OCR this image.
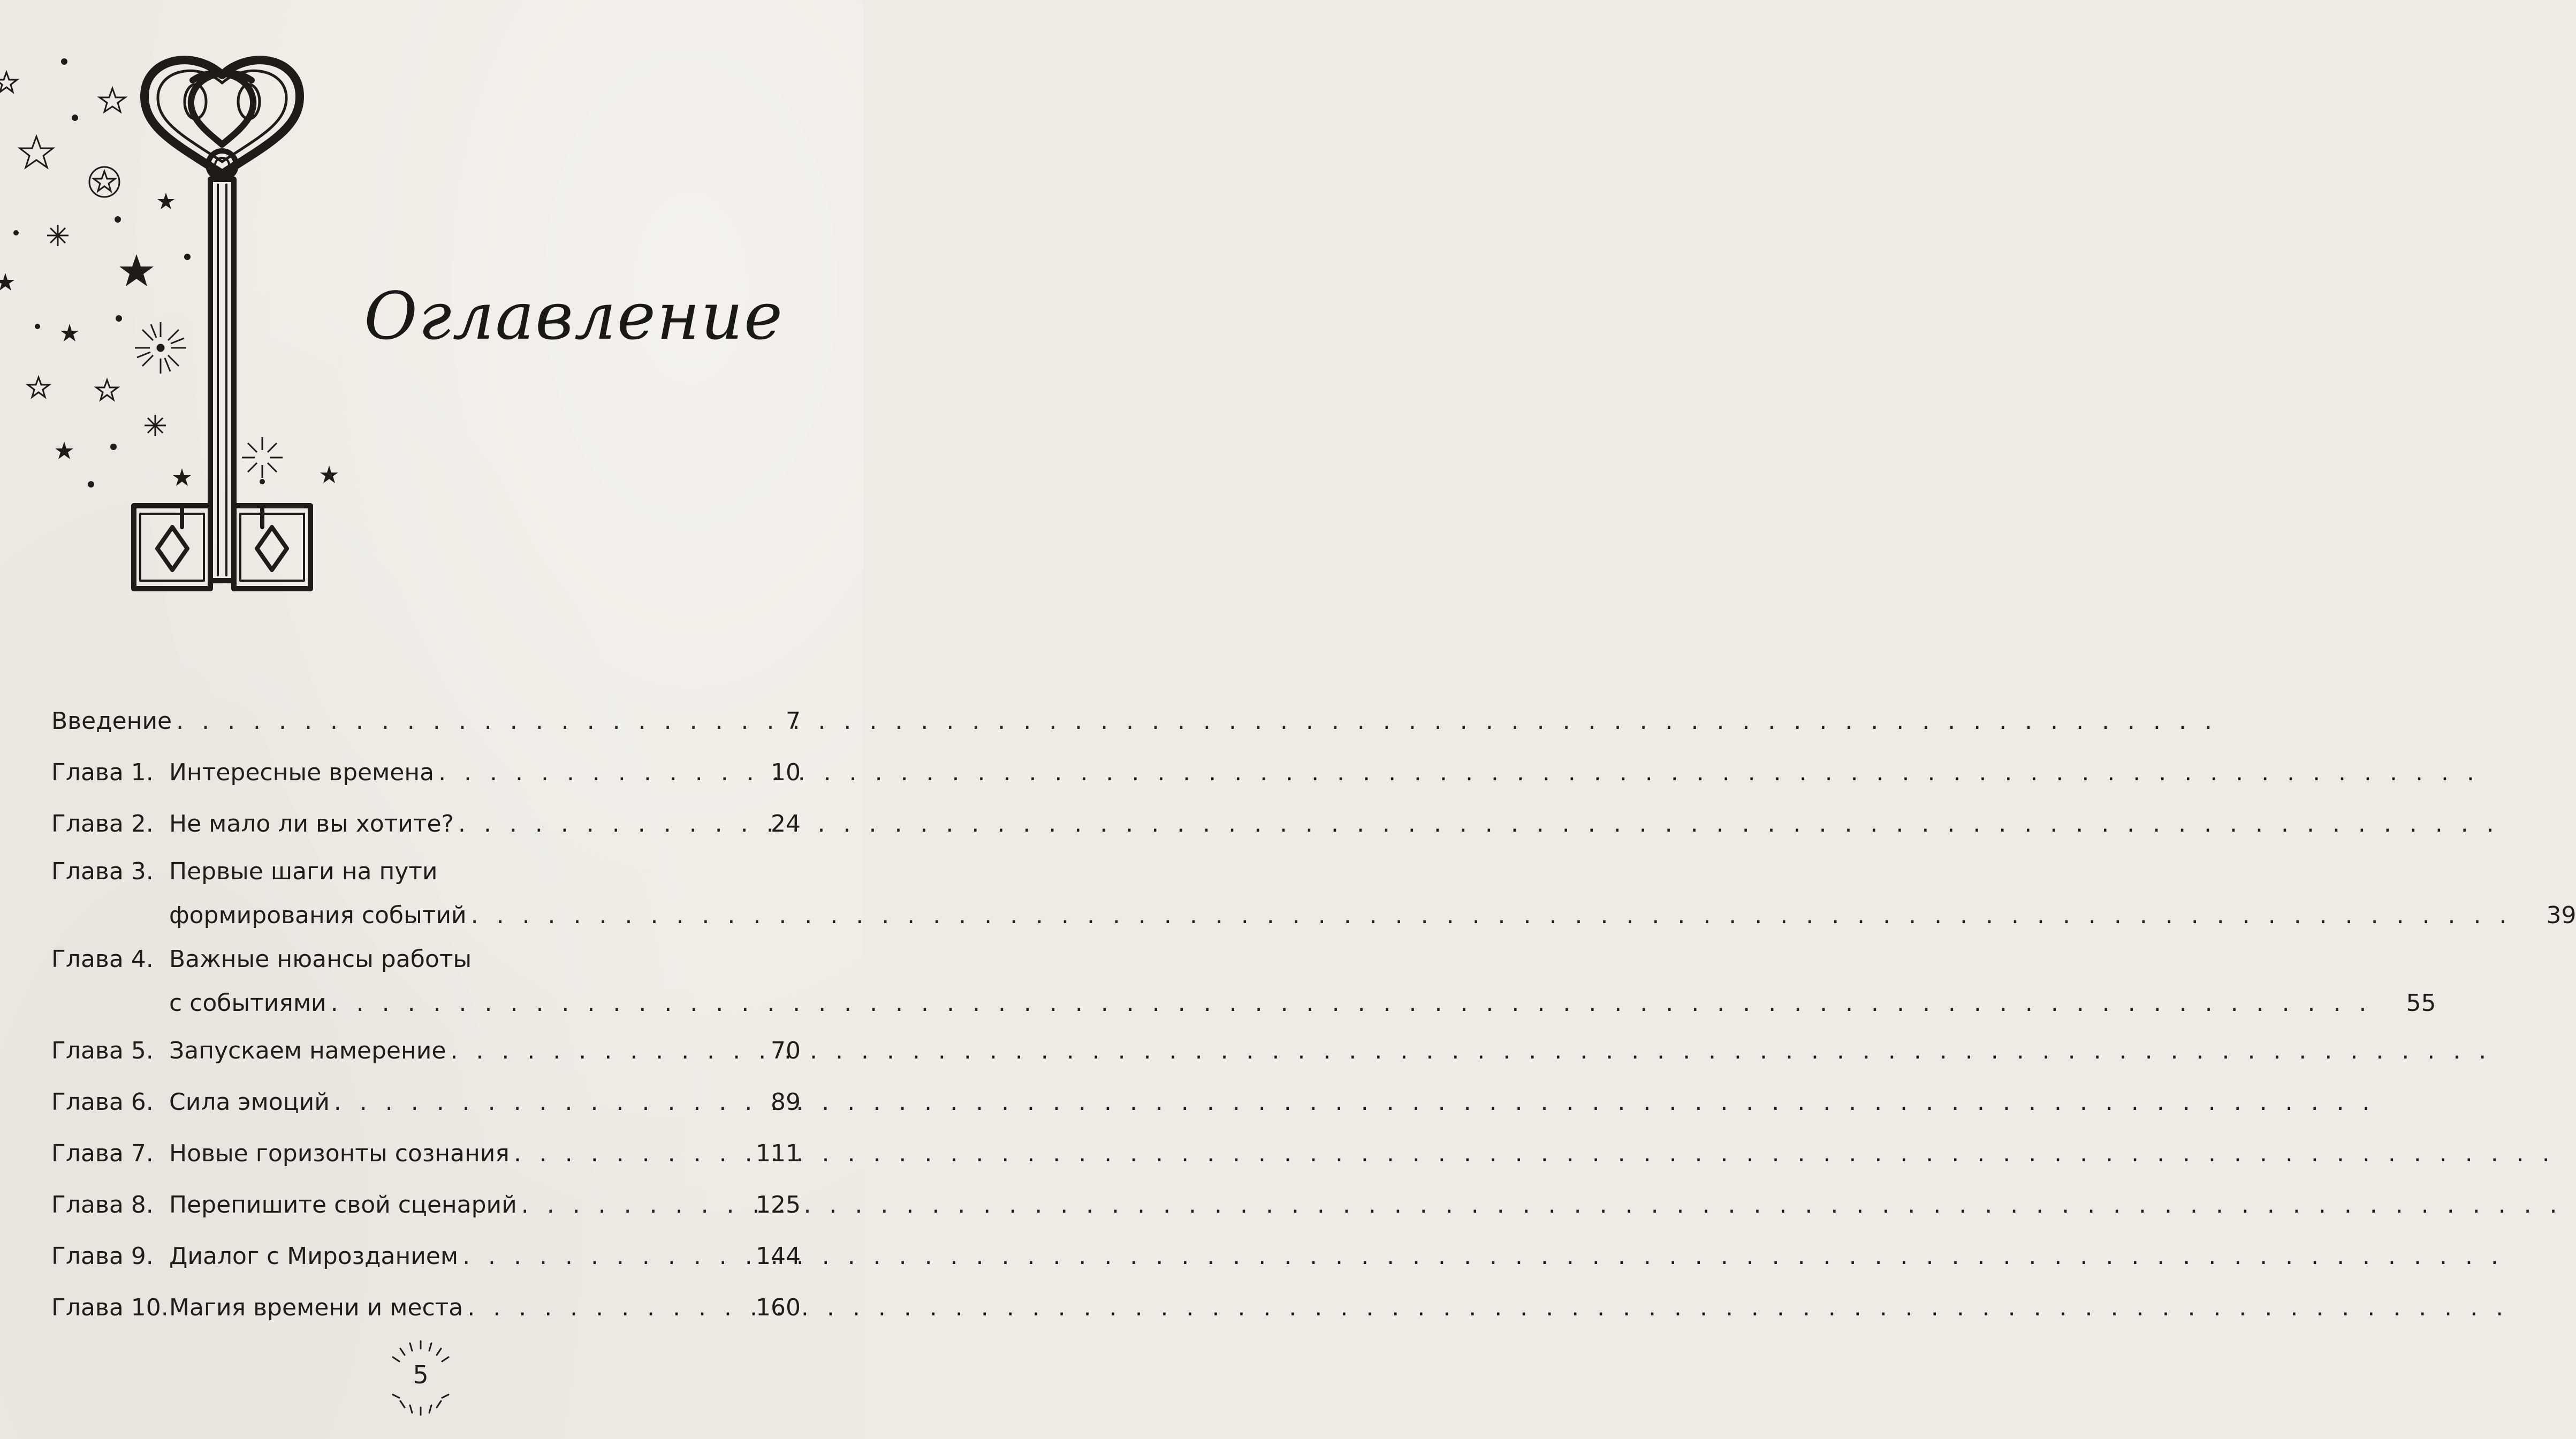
Оглавление
Введение . . .	7
Глава 1. Интересные времена . . .	10
Глава 2. Не мало ли вы хотите? . . .	24
Глава 3. Первые шаги на пути
формирования событий . . .	39
Глава 4. Важные нюансы работы
с событиями . . .	55
Глава 5. Запускаем намерение . . .	70
Глава 6. Сила эмоций . . .	89
Глава 7. Новые горизонты сознания . . .	111
Глава 8. Перепишите свой сценарий . . .	125
Глава 9. Диалог с Мирозданием . . .	144
Глава 10. Магия времени и места . . .	160
5
